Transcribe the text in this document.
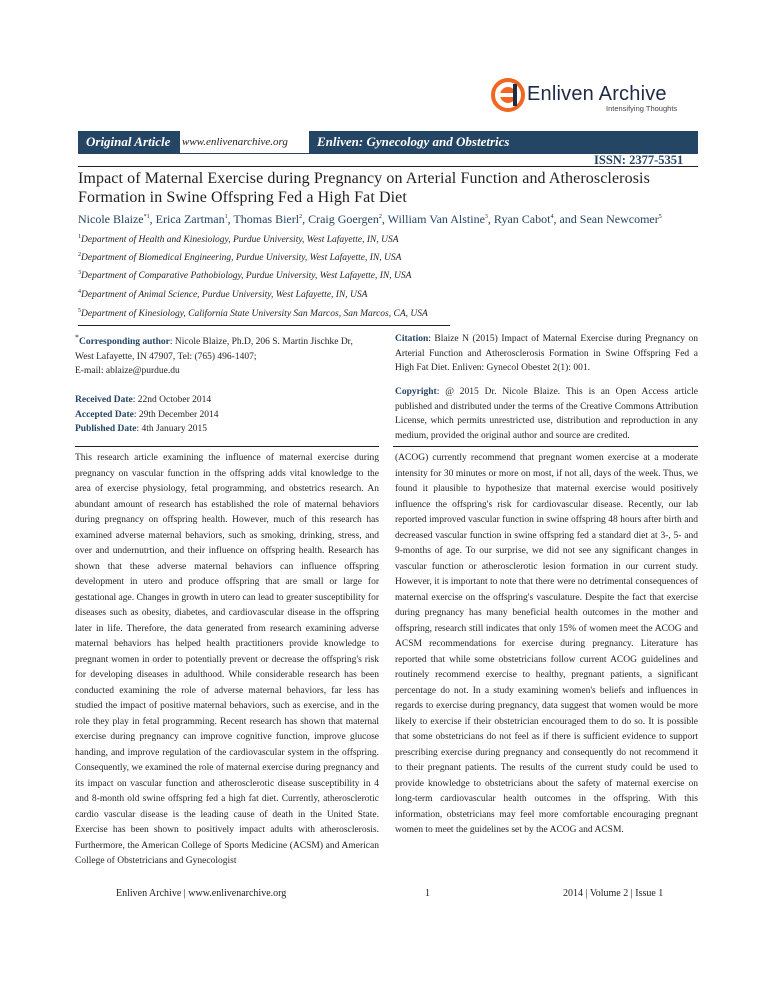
Enliven Archive
Intensifying Thoughts
Original Article	www.enlivenarchive.org	Enliven: Gynecology and Obstetrics
ISSN: 2377-5351
Impact of Maternal Exercise during Pregnancy on Arterial Function and Atherosclerosis Formation in Swine Offspring Fed a High Fat Diet
Nicole Blaize$^{*1}$, Erica Zartman$^1$, Thomas Bierl$^2$, Craig Goergen$^2$, William Van Alstine$^3$, Ryan Cabot$^4$, and Sean Newcomer$^5$
$^1$Department of Health and Kinesiology, Purdue University, West Lafayette, IN, USA
$^2$Department of Biomedical Engineering, Purdue University, West Lafayette, IN, USA
$^3$Department of Comparative Pathobiology, Purdue University, West Lafayette, IN, USA
$^4$Department of Animal Science, Purdue University, West Lafayette, IN, USA
$^5$Department of Kinesiology, California State University San Marcos, San Marcos, CA, USA
*Corresponding author: Nicole Blaize, Ph.D, 206 S. Martin Jischke Dr,
West Lafayette, IN 47907, Tel: (765) 496-1407;
E-mail: ablaize@purdue.du
Received Date: 22nd October 2014
Accepted Date: 29th December 2014
Published Date: 4th January 2015
Citation: Blaize N (2015) Impact of Maternal Exercise during Pregnancy on Arterial Function and Atherosclerosis Formation in Swine Offspring Fed a High Fat Diet. Enliven: Gynecol Obestet 2(1): 001.
Copyright: @ 2015 Dr. Nicole Blaize. This is an Open Access article published and distributed under the terms of the Creative Commons Attribution License, which permits unrestricted use, distribution and reproduction in any medium, provided the original author and source are credited.

This research article examining the influence of maternal exercise during pregnancy on vascular function in the offspring adds vital knowledge to the area of exercise physiology, fetal programming, and obstetrics research. An abundant amount of research has established the role of maternal behaviors during pregnancy on offspring health. However, much of this research has examined adverse maternal behaviors, such as smoking, drinking, stress, and over and undernutrtion, and their influence on offspring health. Research has shown that these adverse maternal behaviors can influence offspring development in utero and produce offspring that are small or large for gestational age. Changes in growth in utero can lead to greater susceptibility for diseases such as obesity, diabetes, and cardiovascular disease in the offspring later in life. Therefore, the data generated from research examining adverse maternal behaviors has helped health practitioners provide knowledge to pregnant women in order to potentially prevent or decrease the offspring's risk for developing diseases in adulthood. While considerable research has been conducted examining the role of adverse maternal behaviors, far less has studied the impact of positive maternal behaviors, such as exercise, and in the role they play in fetal programming. Recent research has shown that maternal exercise during pregnancy can improve cognitive function, improve glucose handing, and improve regulation of the cardiovascular system in the offspring. Consequently, we examined the role of maternal exercise during pregnancy and its impact on vascular function and atherosclerotic disease susceptibility in 4 and 8-month old swine offspring fed a high fat diet. Currently, atherosclerotic cardio vascular disease is the leading cause of death in the United State. Exercise has been shown to positively impact adults with atherosclerosis. Furthermore, the American College of Sports Medicine (ACSM) and American College of Obstetricians and Gynecologist

(ACOG) currently recommend that pregnant women exercise at a moderate intensity for 30 minutes or more on most, if not all, days of the week. Thus, we found it plausible to hypothesize that maternal exercise would positively influence the offspring's risk for cardiovascular disease. Recently, our lab reported improved vascular function in swine offspring 48 hours after birth and decreased vascular function in swine offspring fed a standard diet at 3-, 5- and 9-months of age. To our surprise, we did not see any significant changes in vascular function or atherosclerotic lesion formation in our current study. However, it is important to note that there were no detrimental consequences of maternal exercise on the offspring's vasculature. Despite the fact that exercise during pregnancy has many beneficial health outcomes in the mother and offspring, research still indicates that only 15% of women meet the ACOG and ACSM recommendations for exercise during pregnancy. Literature has reported that while some obstetricians follow current ACOG guidelines and routinely recommend exercise to healthy, pregnant patients, a significant percentage do not. In a study examining women's beliefs and influences in regards to exercise during pregnancy, data suggest that women would be more likely to exercise if their obstetrician encouraged them to do so. It is possible that some obstetricians do not feel as if there is sufficient evidence to support prescribing exercise during pregnancy and consequently do not recommend it to their pregnant patients. The results of the current study could be used to provide knowledge to obstetricians about the safety of maternal exercise on long-term cardiovascular health outcomes in the offspring. With this information, obstetricians may feel more comfortable encouraging pregnant women to meet the guidelines set by the ACOG and ACSM.

Enliven Archive | www.enlivenarchive.org	1	2014 | Volume 2 | Issue 1
